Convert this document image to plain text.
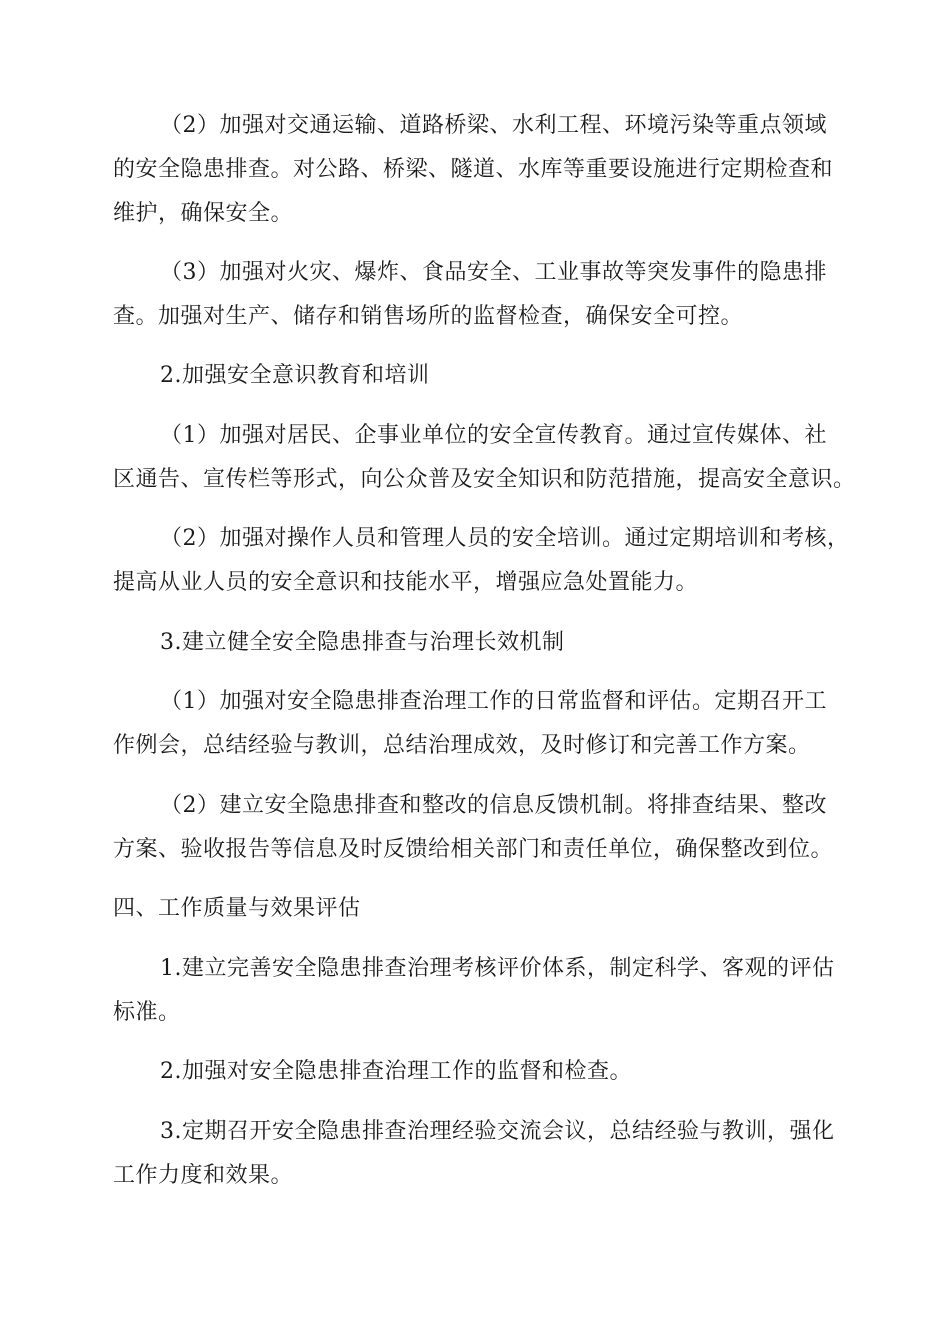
（2）加强对交通运输、道路桥梁、水利工程、环境污染等重点领域
的安全隐患排查。对公路、桥梁、隧道、水库等重要设施进行定期检查和
维护，确保安全。
（3）加强对火灾、爆炸、食品安全、工业事故等突发事件的隐患排
查。加强对生产、储存和销售场所的监督检查，确保安全可控。
2.加强安全意识教育和培训
（1）加强对居民、企事业单位的安全宣传教育。通过宣传媒体、社
区通告、宣传栏等形式，向公众普及安全知识和防范措施，提高安全意识。
（2）加强对操作人员和管理人员的安全培训。通过定期培训和考核，
提高从业人员的安全意识和技能水平，增强应急处置能力。
3.建立健全安全隐患排查与治理长效机制
（1）加强对安全隐患排查治理工作的日常监督和评估。定期召开工
作例会，总结经验与教训，总结治理成效，及时修订和完善工作方案。
（2）建立安全隐患排查和整改的信息反馈机制。将排查结果、整改
方案、验收报告等信息及时反馈给相关部门和责任单位，确保整改到位。
四、工作质量与效果评估
1.建立完善安全隐患排查治理考核评价体系，制定科学、客观的评估
标准。
2.加强对安全隐患排查治理工作的监督和检查。
3.定期召开安全隐患排查治理经验交流会议，总结经验与教训，强化
工作力度和效果。
